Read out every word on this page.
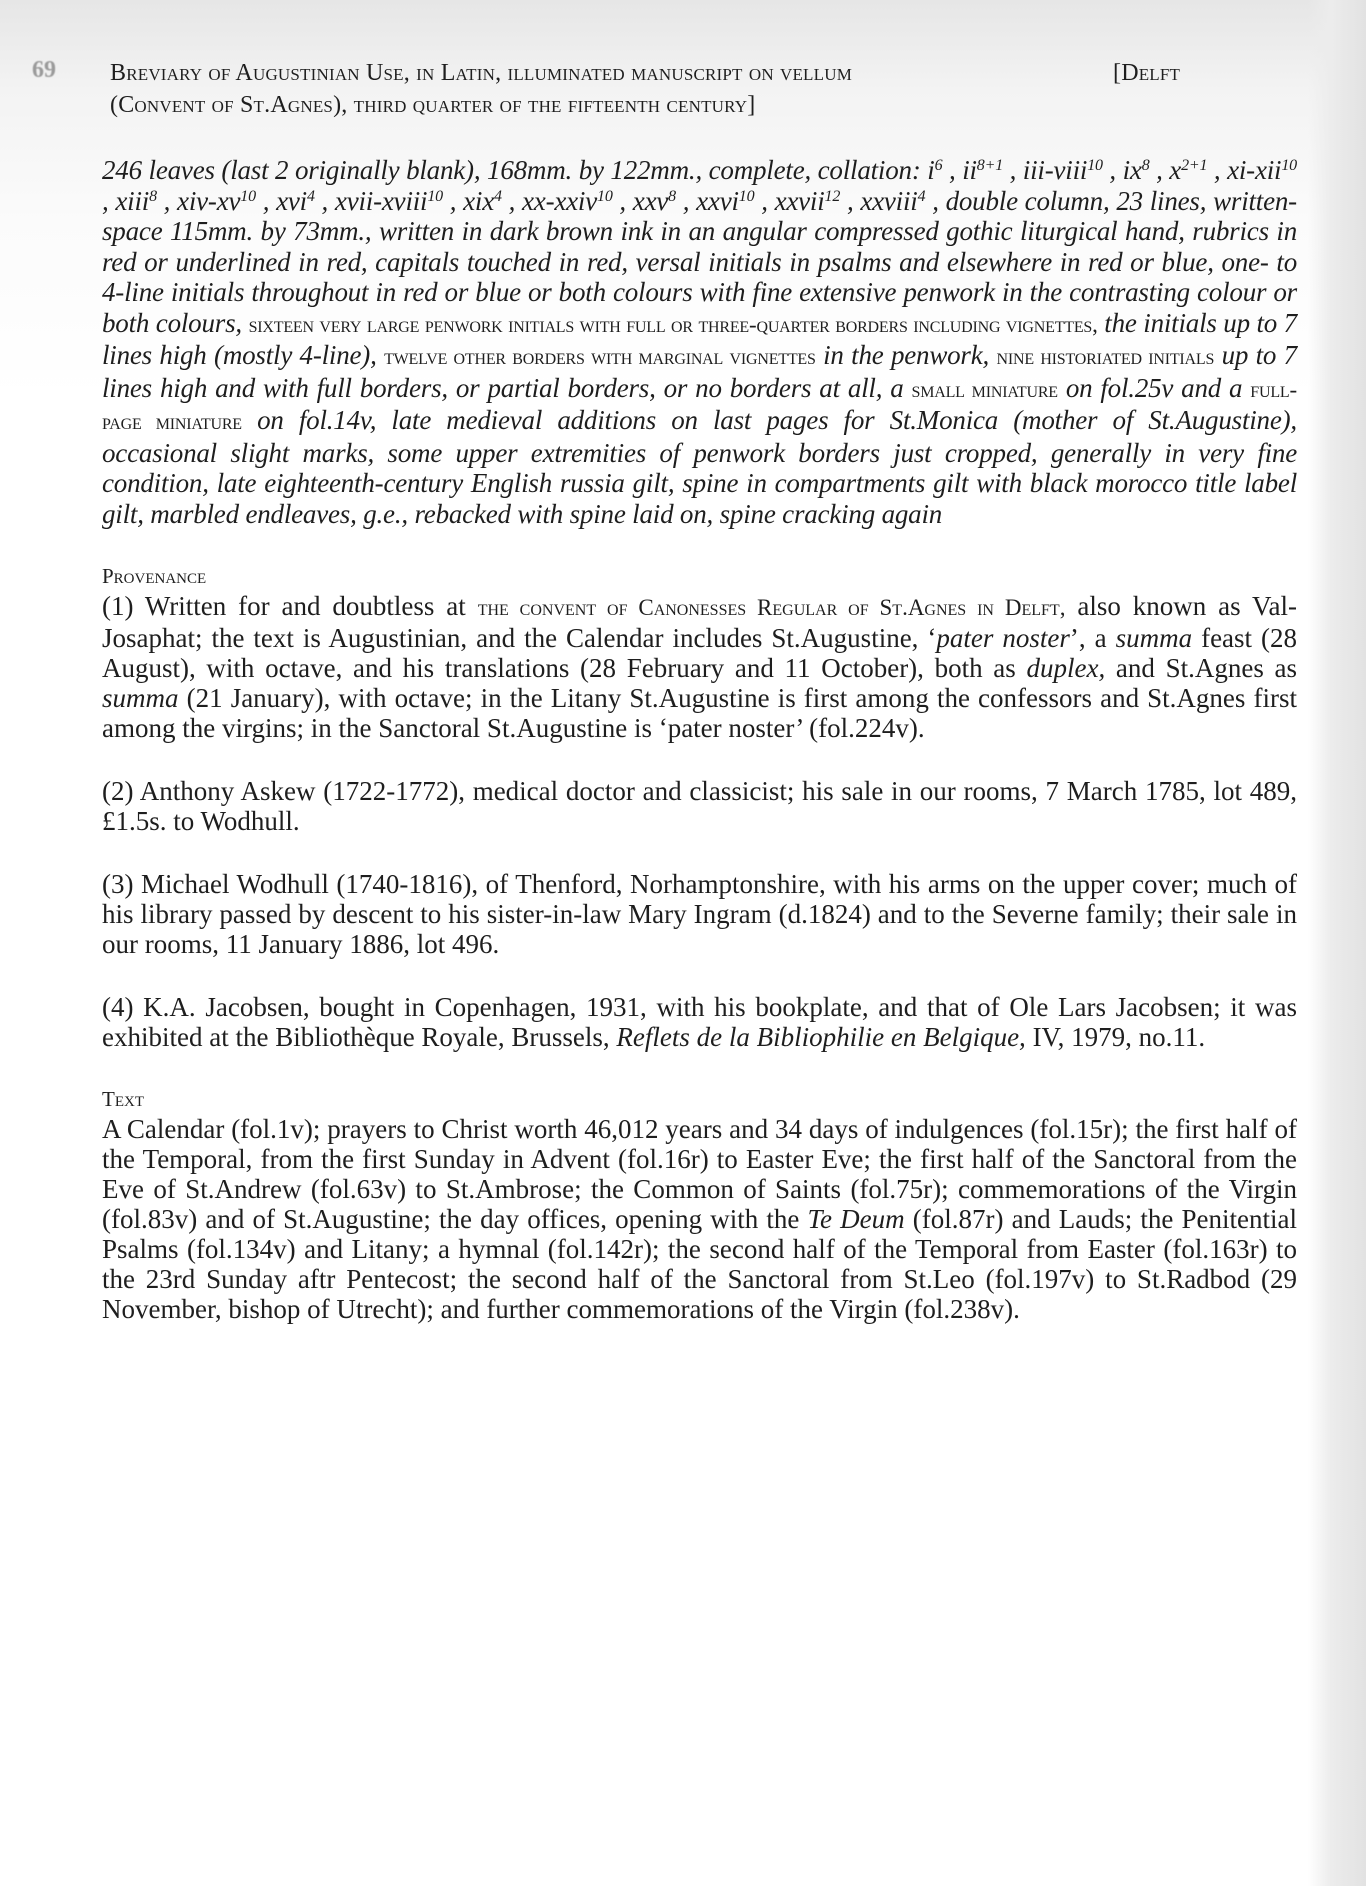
69 Breviary of Augustinian Use, in Latin, illuminated manuscript on vellum	[Delft
(Convent of St.Agnes), third quarter of the fifteenth century]
246 leaves (last 2 originally blank), 168mm. by 122mm., complete, collation: $i^6$ , $ii^{8+1}$ , iii-viii$^{10}$ , $ix^8$ , $x^{2+1}$ , xi-xii$^{10}$ , xiii$^8$ , xiv-$xv^{10}$ , xvi$^4$ , xvii-xviii$^{10}$ , xix$^4$ , xx-xxiv$^{10}$ , xxv$^8$ , xxvi$^{10}$ , xxvii$^{12}$ , xxviii$^4$ , double column, 23 lines, written-space 115mm. by 73mm., written in dark brown ink in an angular compressed gothic liturgical hand, rubrics in red or underlined in red, capitals touched in red, versal initials in psalms and elsewhere in red or blue, one- to 4-line initials throughout in red or blue or both colours with fine extensive penwork in the contrasting colour or both colours, sixteen very large penwork initials with full or three-quarter borders including vignettes, the initials up to 7 lines high (mostly 4-line), twelve other borders with marginal vignettes in the penwork, nine historiated initials up to 7 lines high and with full borders, or partial borders, or no borders at all, a small miniature on fol.25v and a full-page miniature on fol.14v, late medieval additions on last pages for St.Monica (mother of St.Augustine), occasional slight marks, some upper extremities of penwork borders just cropped, generally in very fine condition, late eighteenth-century English russia gilt, spine in compartments gilt with black morocco title label gilt, marbled endleaves, g.e., rebacked with spine laid on, spine cracking again
Provenance

(1) Written for and doubtless at the convent of Canonesses Regular of St.Agnes in Delft, also known as Val-Josaphat; the text is Augustinian, and the Calendar includes St.Augustine, ‘pater noster’, a summa feast (28 August), with octave, and his translations (28 February and 11 October), both as duplex, and St.Agnes as summa (21 January), with octave; in the Litany St.Augustine is first among the confessors and St.Agnes first among the virgins; in the Sanctoral St.Augustine is ‘pater noster’ (fol.224v).

(2) Anthony Askew (1722-1772), medical doctor and classicist; his sale in our rooms, 7 March 1785, lot 489, £1.5s. to Wodhull.

(3) Michael Wodhull (1740-1816), of Thenford, Norhamptonshire, with his arms on the upper cover; much of his library passed by descent to his sister-in-law Mary Ingram (d.1824) and to the Severne family; their sale in our rooms, 11 January 1886, lot 496.

(4) K.A. Jacobsen, bought in Copenhagen, 1931, with his bookplate, and that of Ole Lars Jacobsen; it was exhibited at the Bibliothèque Royale, Brussels, Reflets de la Bibliophilie en Belgique, IV, 1979, no.11.

Text

A Calendar (fol.1v); prayers to Christ worth 46,012 years and 34 days of indulgences (fol.15r); the first half of the Temporal, from the first Sunday in Advent (fol.16r) to Easter Eve; the first half of the Sanctoral from the Eve of St.Andrew (fol.63v) to St.Ambrose; the Common of Saints (fol.75r); commemorations of the Virgin (fol.83v) and of St.Augustine; the day offices, opening with the Te Deum (fol.87r) and Lauds; the Penitential Psalms (fol.134v) and Litany; a hymnal (fol.142r); the second half of the Temporal from Easter (fol.163r) to the 23rd Sunday aftr Pentecost; the second half of the Sanctoral from St.Leo (fol.197v) to St.Radbod (29 November, bishop of Utrecht); and further commemorations of the Virgin (fol.238v).
